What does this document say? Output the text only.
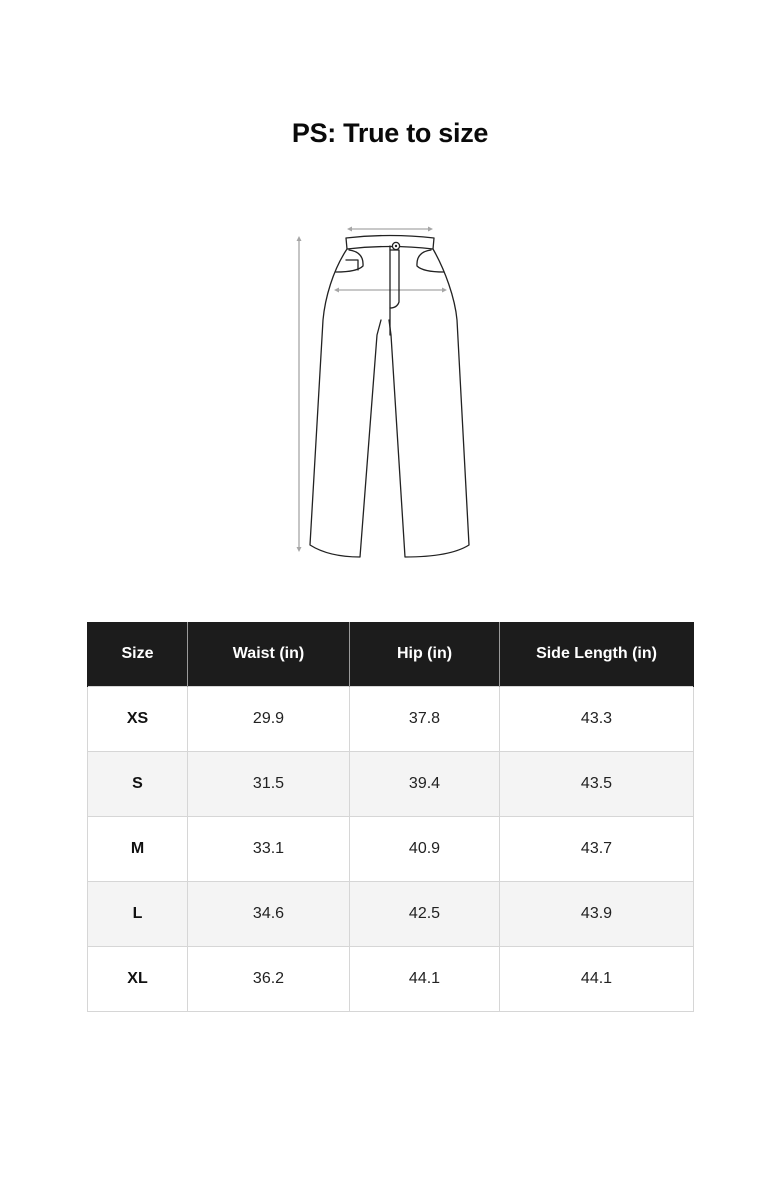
PS: True to size
Size	Waist (in)	Hip (in)	Side Length (in)
XS	29.9	37.8	43.3
S	31.5	39.4	43.5
M	33.1	40.9	43.7
L	34.6	42.5	43.9
XL	36.2	44.1	44.1
